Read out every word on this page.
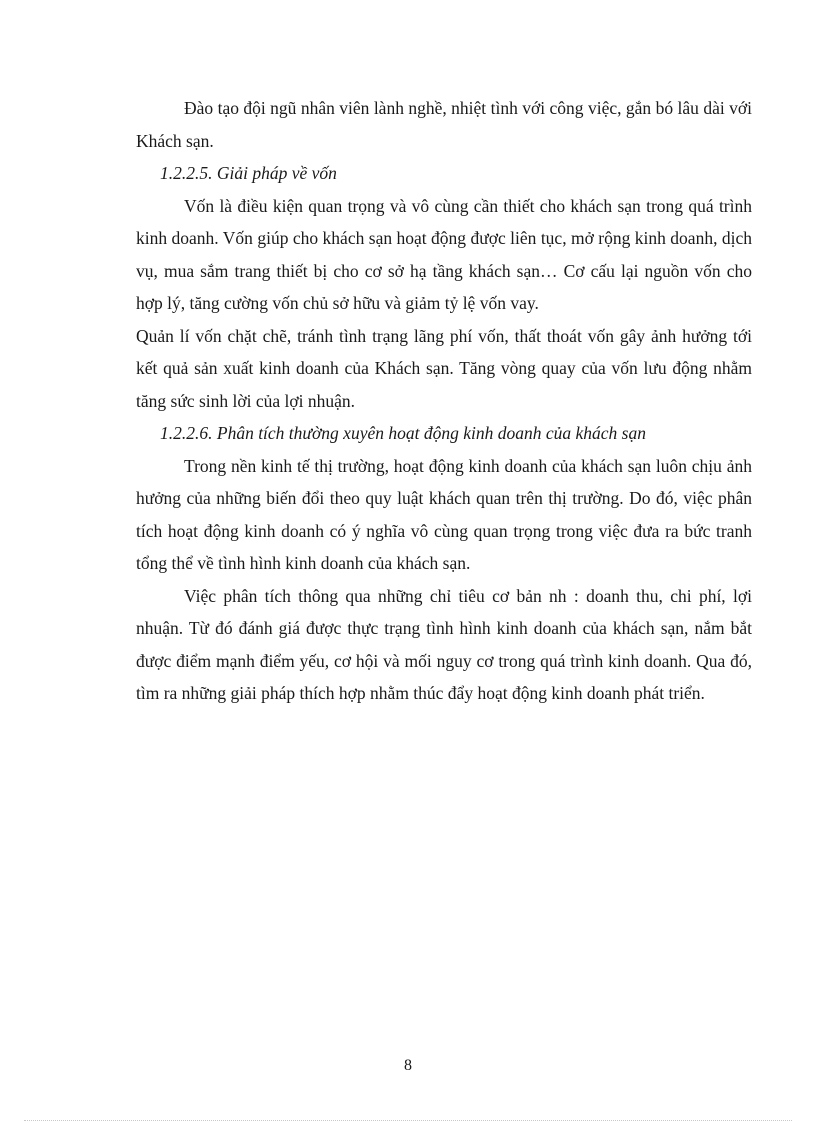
Đào tạo đội ngũ nhân viên lành nghề, nhiệt tình với công việc, gắn bó lâu dài với Khách sạn.

1.2.2.5. Giải pháp về vốn

Vốn là điều kiện quan trọng và vô cùng cần thiết cho khách sạn trong quá trình kinh doanh. Vốn giúp cho khách sạn hoạt động được liên tục, mở rộng kinh doanh, dịch vụ, mua sắm trang thiết bị cho cơ sở hạ tầng khách sạn… Cơ cấu lại nguồn vốn cho hợp lý, tăng cường vốn chủ sở hữu và giảm tỷ lệ vốn vay.

Quản lí vốn chặt chẽ, tránh tình trạng lãng phí vốn, thất thoát vốn gây ảnh hưởng tới kết quả sản xuất kinh doanh của Khách sạn. Tăng vòng quay của vốn lưu động nhằm tăng sức sinh lời của lợi nhuận.

1.2.2.6. Phân tích thường xuyên hoạt động kinh doanh của khách sạn

Trong nền kinh tế thị trường, hoạt động kinh doanh của khách sạn luôn chịu ảnh hưởng của những biến đổi theo quy luật khách quan trên thị trường. Do đó, việc phân tích hoạt động kinh doanh có ý nghĩa vô cùng quan trọng trong việc đưa ra bức tranh tổng thể về tình hình kinh doanh của khách sạn.

Việc phân tích thông qua những chỉ tiêu cơ bản nh : doanh thu, chi phí, lợi nhuận. Từ đó đánh giá được thực trạng tình hình kinh doanh của khách sạn, nắm bắt được điểm mạnh điểm yếu, cơ hội và mối nguy cơ trong quá trình kinh doanh. Qua đó, tìm ra những giải pháp thích hợp nhằm thúc đẩy hoạt động kinh doanh phát triển.

8
